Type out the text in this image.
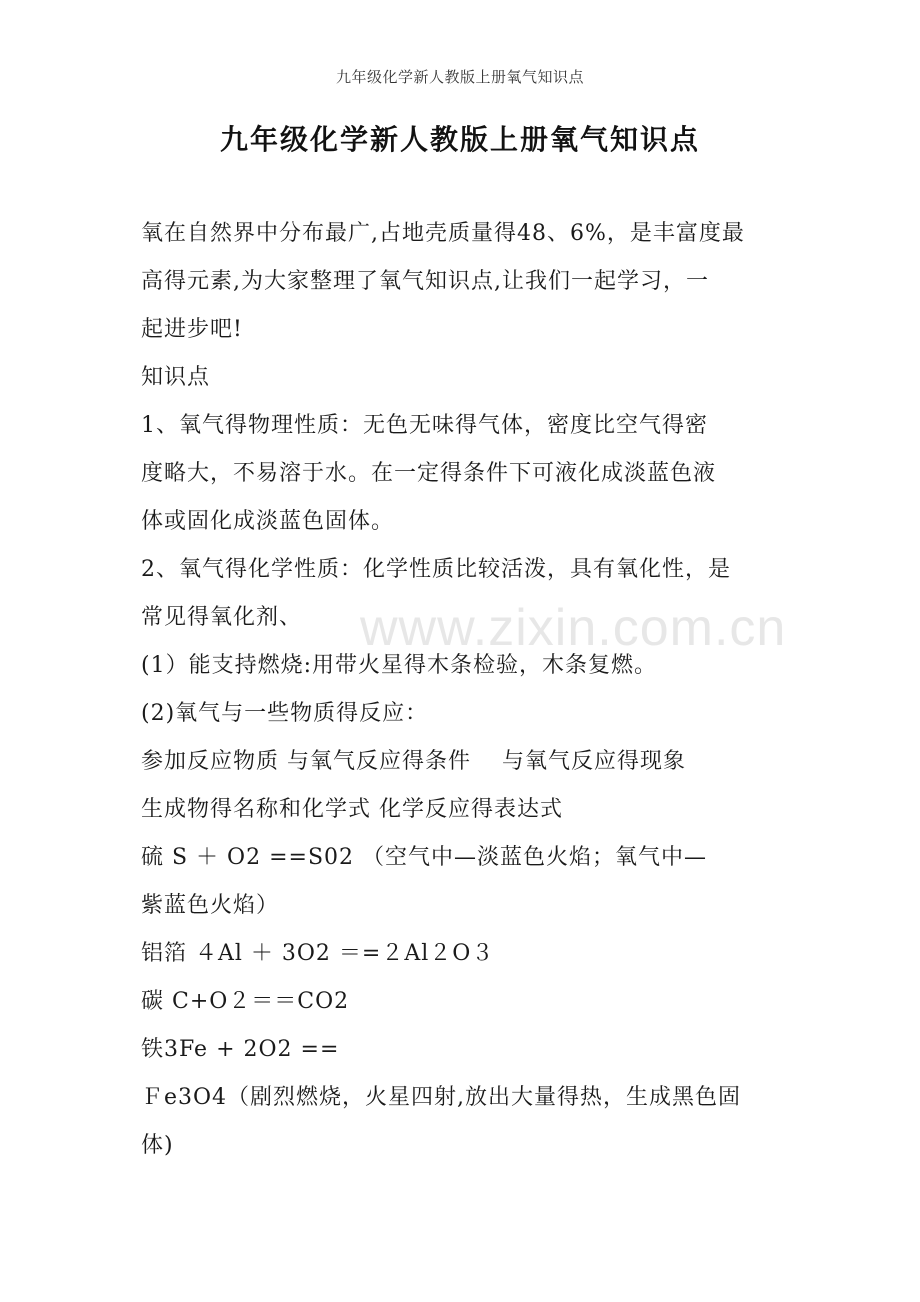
九年级化学新人教版上册氧气知识点
九年级化学新人教版上册氧气知识点
氧在自然界中分布最广,占地壳质量得48、6%，是丰富度最
高得元素,为大家整理了氧气知识点,让我们一起学习，一
起进步吧!
知识点
1、氧气得物理性质：无色无味得气体，密度比空气得密
度略大，不易溶于水。在一定得条件下可液化成淡蓝色液
体或固化成淡蓝色固体。
2、氧气得化学性质：化学性质比较活泼，具有氧化性，是
常见得氧化剂、
(1）能支持燃烧:用带火星得木条检验，木条复燃。
(2)氧气与一些物质得反应：
参加反应物质 与氧气反应得条件　 与氧气反应得现象
生成物得名称和化学式 化学反应得表达式
硫 S ＋ O2 ==S02 （空气中—淡蓝色火焰；氧气中—
紫蓝色火焰）
铝箔 ４Al ＋ 3O2 ＝=２Al２O３
碳 C+O２＝＝CO2
铁3Fe + 2O2 ==
Ｆe3O4（剧烈燃烧，火星四射,放出大量得热，生成黑色固
体)
www.zixin.com.cn
